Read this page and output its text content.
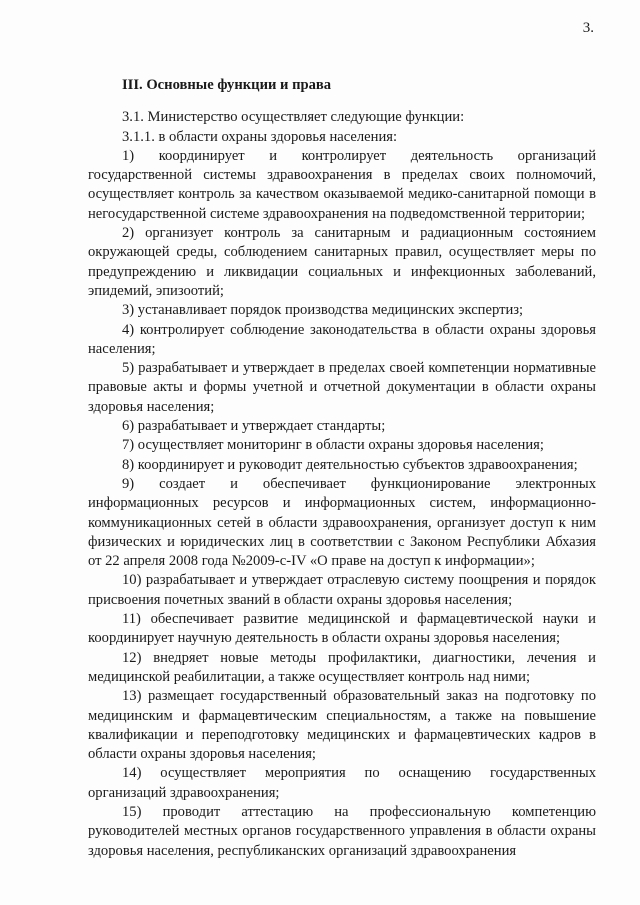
3.
III. Основные функции и права

3.1. Министерство осуществляет следующие функции:

3.1.1. в области охраны здоровья населения:

1) координирует и контролирует деятельность организаций государственной системы здравоохранения в пределах своих полномочий, осуществляет контроль за качеством оказываемой медико-санитарной помощи в негосударственной системе здравоохранения на подведомственной территории;

2) организует контроль за санитарным и радиационным состоянием окружающей среды, соблюдением санитарных правил, осуществляет меры по предупреждению и ликвидации социальных и инфекционных заболеваний, эпидемий, эпизоотий;

3) устанавливает порядок производства медицинских экспертиз;

4) контролирует соблюдение законодательства в области охраны здоровья населения;

5) разрабатывает и утверждает в пределах своей компетенции нормативные правовые акты и формы учетной и отчетной документации в области охраны здоровья населения;

6) разрабатывает и утверждает стандарты;

7) осуществляет мониторинг в области охраны здоровья населения;

8) координирует и руководит деятельностью субъектов здравоохранения;

9) создает и обеспечивает функционирование электронных информационных ресурсов и информационных систем, информационно-коммуникационных сетей в области здравоохранения, организует доступ к ним физических и юридических лиц в соответствии с Законом Республики Абхазия от 22 апреля 2008 года №2009-с-IV «О праве на доступ к информации»;

10) разрабатывает и утверждает отраслевую систему поощрения и порядок присвоения почетных званий в области охраны здоровья населения;

11) обеспечивает развитие медицинской и фармацевтической науки и координирует научную деятельность в области охраны здоровья населения;

12) внедряет новые методы профилактики, диагностики, лечения и медицинской реабилитации, а также осуществляет контроль над ними;

13) размещает государственный образовательный заказ на подготовку по медицинским и фармацевтическим специальностям, а также на повышение квалификации и переподготовку медицинских и фармацевтических кадров в области охраны здоровья населения;

14) осуществляет мероприятия по оснащению государственных организаций здравоохранения;

15) проводит аттестацию на профессиональную компетенцию руководителей местных органов государственного управления в области охраны здоровья населения, республиканских организаций здравоохранения
